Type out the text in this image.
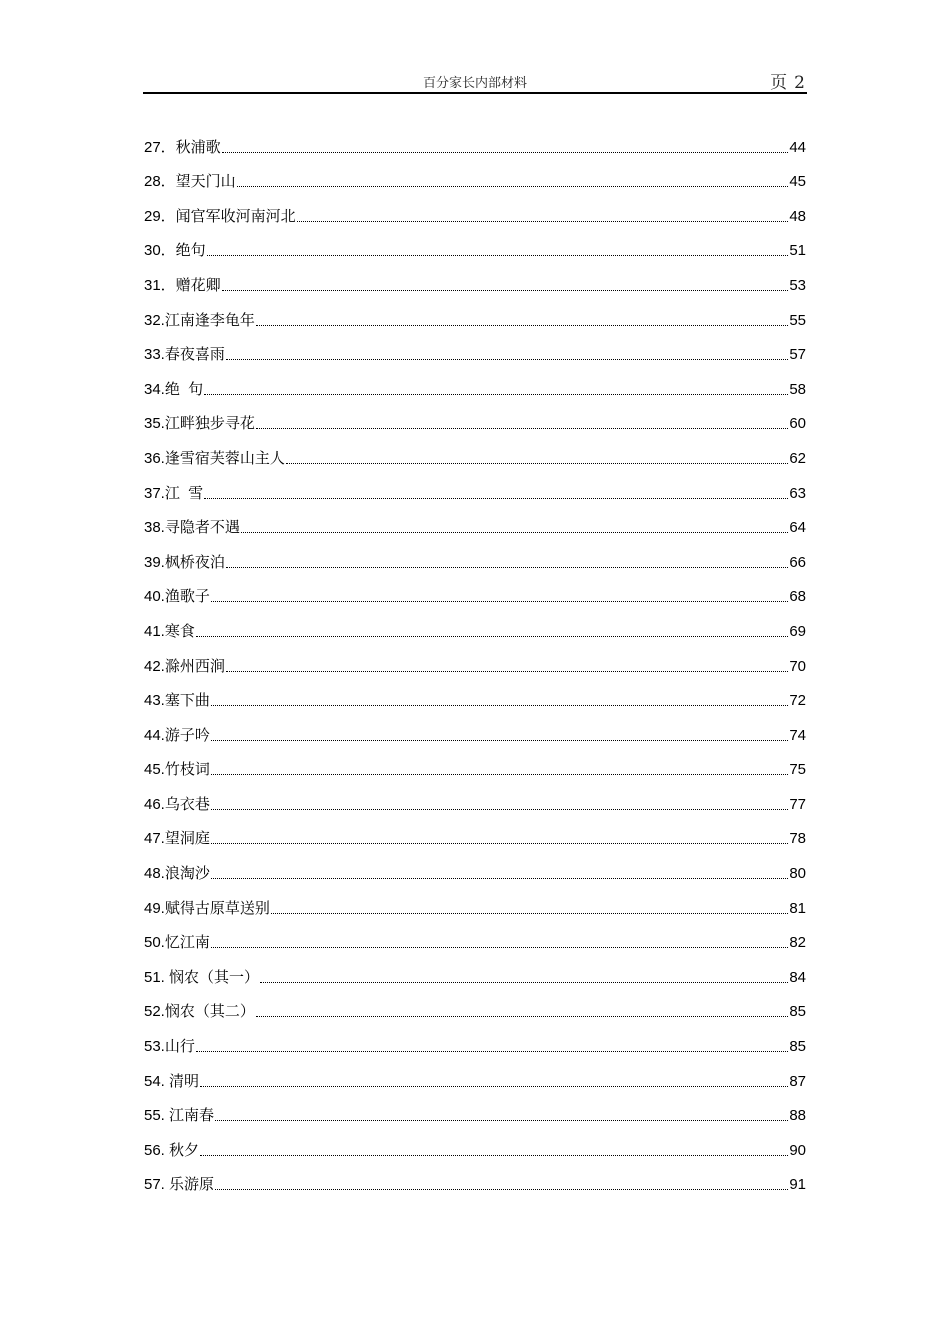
百分家长内部材料	页 2
27．秋浦歌	44
28．望天门山	45
29．闻官军收河南河北	48
30．绝句	51
31．赠花卿	53
32.江南逢李龟年	55
33.春夜喜雨	57
34.绝  句	58
35.江畔独步寻花	60
36.逢雪宿芙蓉山主人	62
37.江  雪	63
38.寻隐者不遇	64
39.枫桥夜泊	66
40.渔歌子	68
41.寒食	69
42.滁州西涧	70
43.塞下曲	72
44.游子吟	74
45.竹枝词	75
46.乌衣巷	77
47.望洞庭	78
48.浪淘沙	80
49.赋得古原草送别	81
50.忆江南	82
51. 悯农（其一）	84
52.悯农（其二）	85
53.山行	85
54. 清明	87
55. 江南春	88
56. 秋夕	90
57. 乐游原	91
